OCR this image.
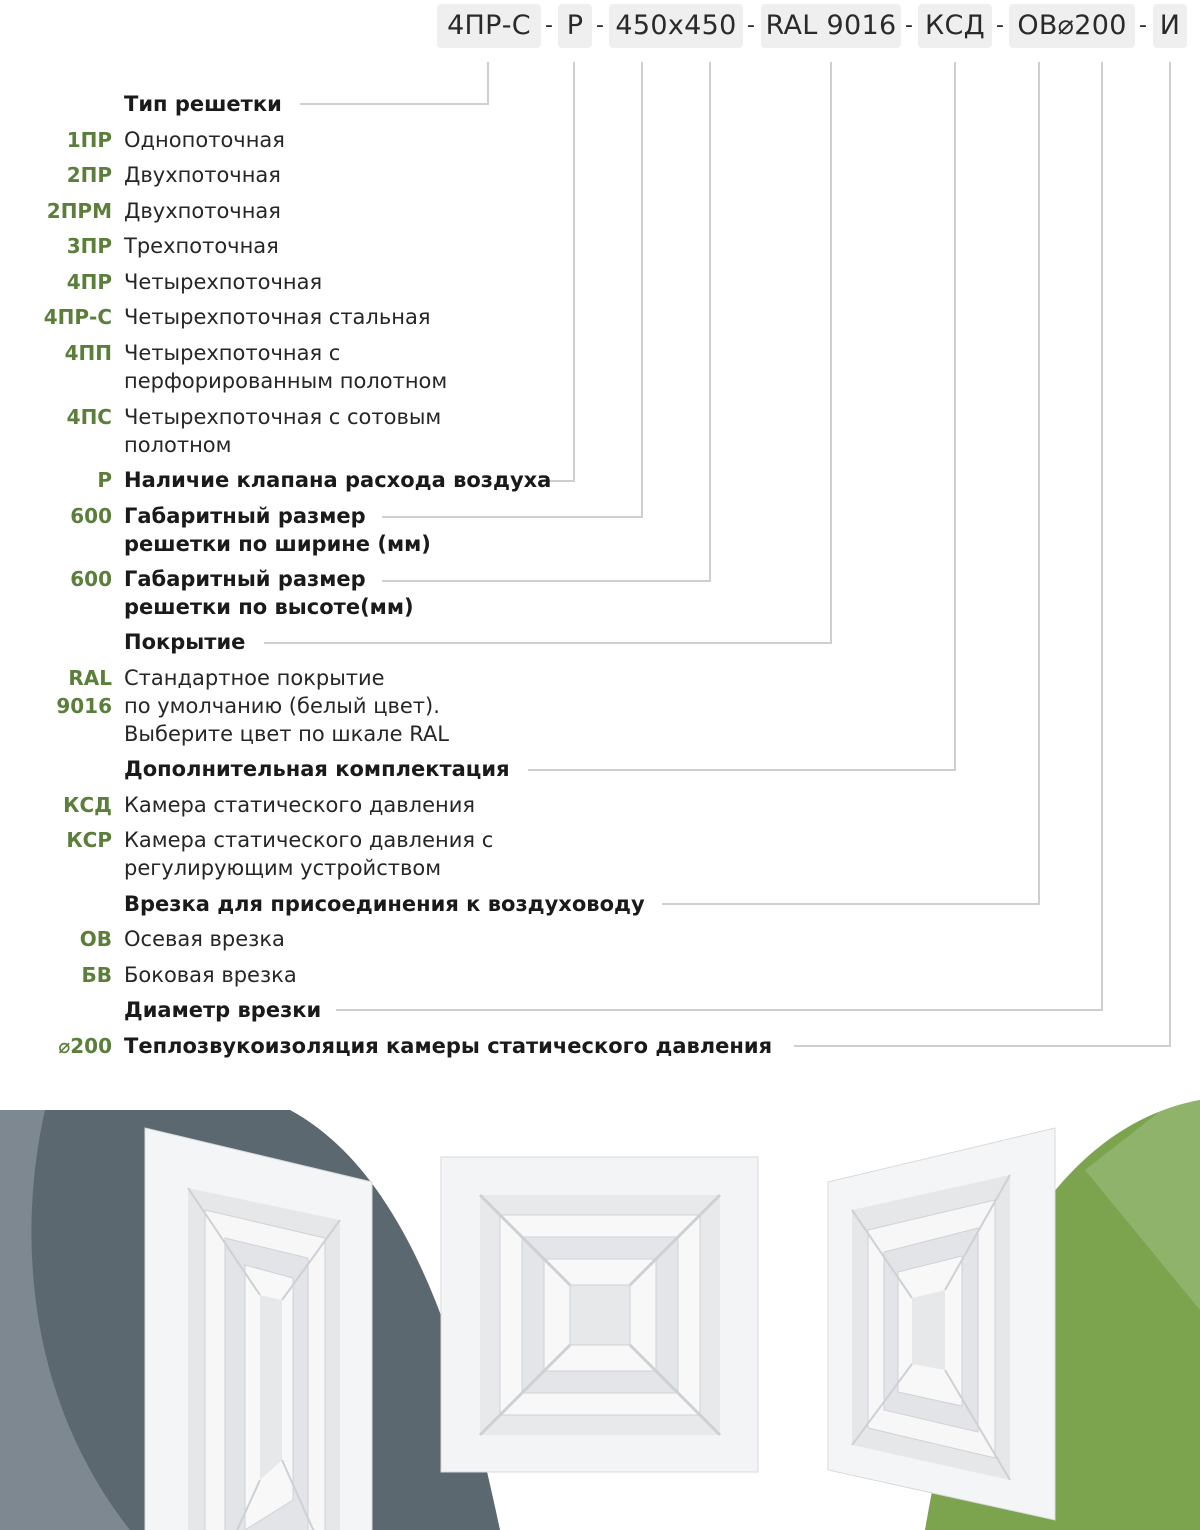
4ПР-С - Р - 450х450 - RAL 9016 - КСД - ОВ⌀200 - И
Тип решетки
1ПР Однопоточная
2ПР Двухпоточная
2ПРМ Двухпоточная
3ПР Трехпоточная
4ПР Четырехпоточная
4ПР-С Четырехпоточная стальная
4ПП Четырехпоточная с
перфорированным полотном
4ПС Четырехпоточная с сотовым
полотном
Р Наличие клапана расхода воздуха
600 Габаритный размер
решетки по ширине (мм)
600 Габаритный размер
решетки по высоте(мм)
Покрытие
RAL
9016
Стандартное покрытие
по умолчанию (белый цвет).
Выберите цвет по шкале RAL
Дополнительная комплектация
КСД Камера статического давления
КСР Камера статического давления с
регулирующим устройством
Врезка для присоединения к воздуховоду
ОВ Осевая врезка
БВ Боковая врезка
Диаметр врезки
⌀200 Теплозвукоизоляция камеры статического давления
